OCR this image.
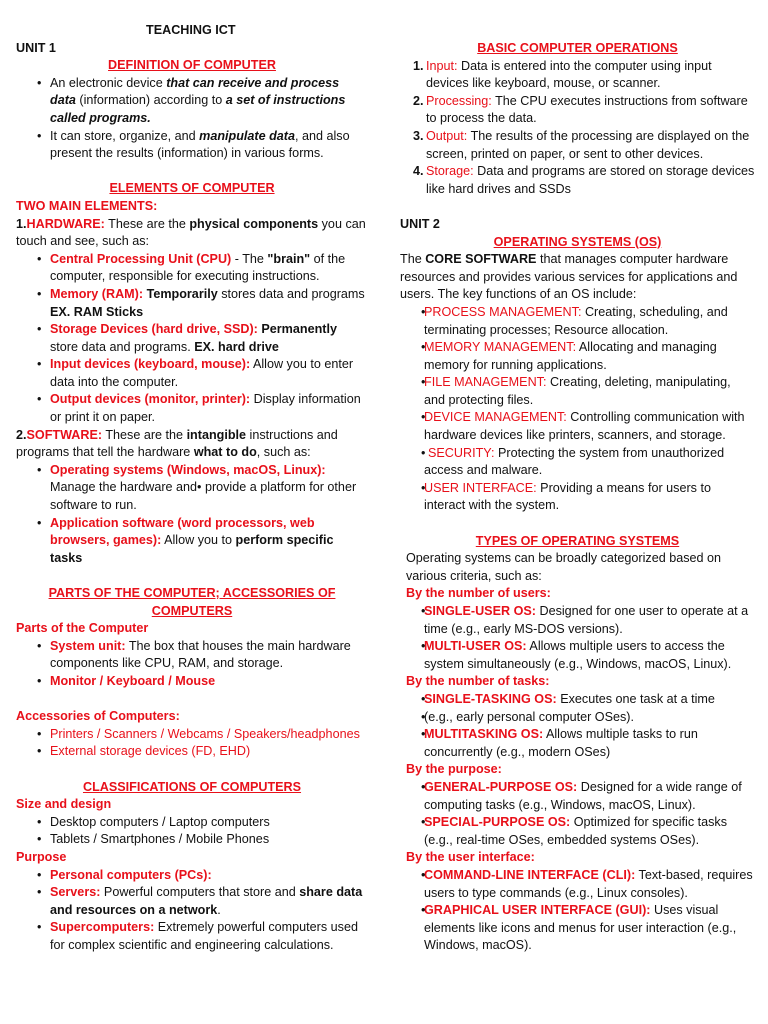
TEACHING ICT

UNIT 1

DEFINITION OF COMPUTER

• An electronic device that can receive and process data (information) according to a set of instructions called programs.
• It can store, organize, and manipulate data, and also present the results (information) in various forms.

ELEMENTS OF COMPUTER

TWO MAIN ELEMENTS:

1.HARDWARE: These are the physical components you can touch and see, such as:

• Central Processing Unit (CPU) - The "brain" of the computer, responsible for executing instructions.
• Memory (RAM): Temporarily stores data and programs EX. RAM Sticks
• Storage Devices (hard drive, SSD): Permanently store data and programs. EX. hard drive
• Input devices (keyboard, mouse): Allow you to enter data into the computer.
• Output devices (monitor, printer): Display information or print it on paper.

2.SOFTWARE: These are the intangible instructions and programs that tell the hardware what to do, such as:

• Operating systems (Windows, macOS, Linux): Manage the hardware and• provide a platform for other software to run.
• Application software (word processors, web browsers, games): Allow you to perform specific tasks

PARTS OF THE COMPUTER; ACCESSORIES OF COMPUTERS

Parts of the Computer

• System unit: The box that houses the main hardware components like CPU, RAM, and storage.
• Monitor / Keyboard / Mouse

Accessories of Computers:

• Printers / Scanners / Webcams / Speakers/headphones
• External storage devices (FD, EHD)

CLASSIFICATIONS OF COMPUTERS

Size and design

• Desktop computers / Laptop computers
• Tablets / Smartphones / Mobile Phones

Purpose

• Personal computers (PCs):
• Servers: Powerful computers that store and share data and resources on a network.
• Supercomputers: Extremely powerful computers used for complex scientific and engineering calculations.

BASIC COMPUTER OPERATIONS

1. Input: Data is entered into the computer using input devices like keyboard, mouse, or scanner.
2. Processing: The CPU executes instructions from software to process the data.
3. Output: The results of the processing are displayed on the screen, printed on paper, or sent to other devices.
4. Storage: Data and programs are stored on storage devices like hard drives and SSDs

UNIT 2

OPERATING SYSTEMS (OS)

The CORE SOFTWARE that manages computer hardware resources and provides various services for applications and users. The key functions of an OS include:

• PROCESS MANAGEMENT: Creating, scheduling, and terminating processes; Resource allocation.
• MEMORY MANAGEMENT: Allocating and managing memory for running applications.
• FILE MANAGEMENT: Creating, deleting, manipulating, and protecting files.
• DEVICE MANAGEMENT: Controlling communication with hardware devices like printers, scanners, and storage.
• SECURITY: Protecting the system from unauthorized access and malware.
• USER INTERFACE: Providing a means for users to interact with the system.

TYPES OF OPERATING SYSTEMS

Operating systems can be broadly categorized based on various criteria, such as:

By the number of users:

• SINGLE-USER OS: Designed for one user to operate at a time (e.g., early MS-DOS versions).
• MULTI-USER OS: Allows multiple users to access the system simultaneously (e.g., Windows, macOS, Linux).

By the number of tasks:

• SINGLE-TASKING OS: Executes one task at a time
• (e.g., early personal computer OSes).
• MULTITASKING OS: Allows multiple tasks to run concurrently (e.g., modern OSes)

By the purpose:

• GENERAL-PURPOSE OS: Designed for a wide range of computing tasks (e.g., Windows, macOS, Linux).
• SPECIAL-PURPOSE OS: Optimized for specific tasks (e.g., real-time OSes, embedded systems OSes).

By the user interface:

• COMMAND-LINE INTERFACE (CLI): Text-based, requires users to type commands (e.g., Linux consoles).
• GRAPHICAL USER INTERFACE (GUI): Uses visual elements like icons and menus for user interaction (e.g., Windows, macOS).
